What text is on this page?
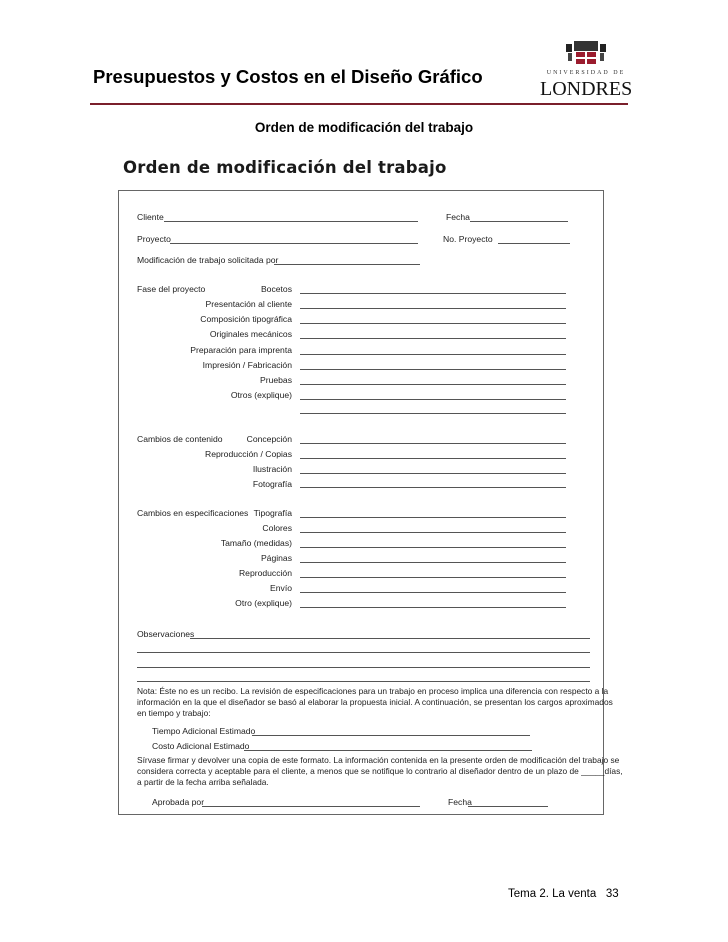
Presupuestos y Costos en el Diseño Gráfico	UNIVERSIDAD DE
LONDRES
Orden de modificación del trabajo
Orden de modificación del trabajo
Cliente	Fecha
Proyecto	No. Proyecto
Modificación de trabajo solicitada por
Fase del proyecto	Bocetos
Presentación al cliente
Composición tipográfica
Originales mecánicos
Preparación para imprenta
Impresión / Fabricación
Pruebas
Otros (explique)
Cambios de contenido	Concepción
Reproducción / Copias
Ilustración
Fotografía
Cambios en especificaciones Tipografía
Colores
Tamaño (medidas)
Páginas
Reproducción
Envío
Otro (explique)
Observaciones
Nota: Éste no es un recibo. La revisión de especificaciones para un trabajo en proceso implica una diferencia con respecto a la
información en la que el diseñador se basó al elaborar la propuesta inicial. A continuación, se presentan los cargos aproximados
en tiempo y trabajo:
Tiempo Adicional Estimado
Costo Adicional Estimado
Sírvase firmar y devolver una copia de este formato. La información contenida en la presente orden de modificación del trabajo se
considera correcta y aceptable para el cliente, a menos que se notifique lo contrario al diseñador dentro de un plazo de _____días,
a partir de la fecha arriba señalada.
Aprobada por	Fecha
Tema 2. La venta 33
